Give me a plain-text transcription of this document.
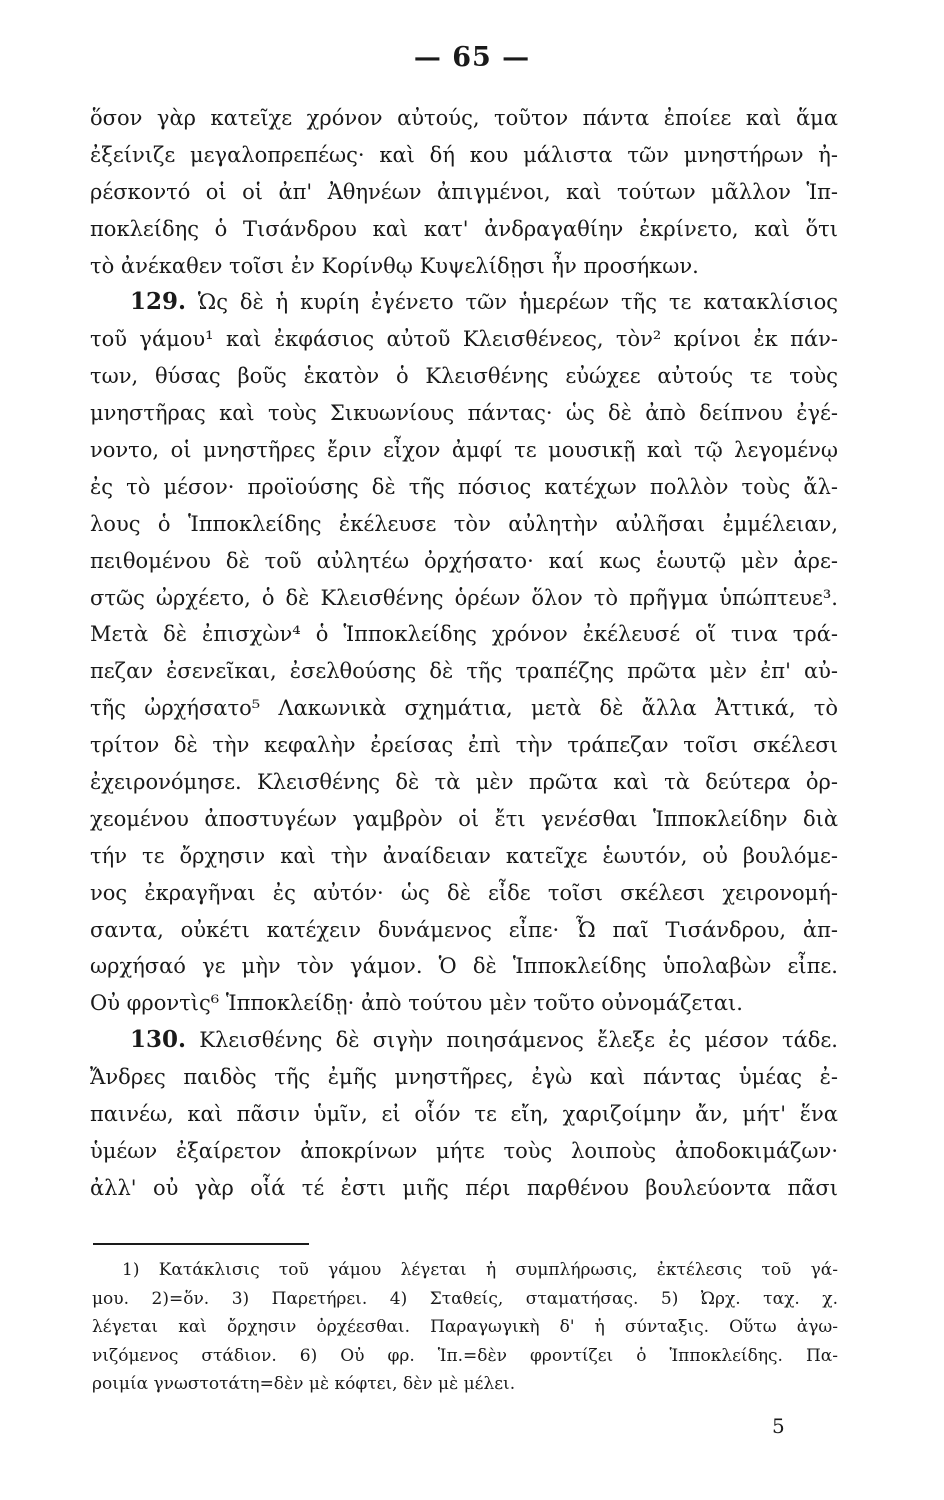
— 65 —
ὅσον γὰρ κατεῖχε χρόνον αὐτούς, τοῦτον πάντα ἐποίεε καὶ ἅμα
ἐξείνιζε μεγαλοπρεπέως· καὶ δή κου μάλιστα τῶν μνηστήρων ἠ-
ρέσκοντό οἱ οἱ ἀπ' Ἀθηνέων ἀπιγμένοι, καὶ τούτων μᾶλλον Ἱπ-
ποκλείδης ὁ Τισάνδρου καὶ κατ' ἀνδραγαθίην ἐκρίνετο, καὶ ὅτι
τὸ ἀνέκαθεν τοῖσι ἐν Κορίνθῳ Κυψελίδῃσι ἦν προσήκων.
129. Ὡς δὲ ἡ κυρίη ἐγένετο τῶν ἡμερέων τῆς τε κατακλίσιος
τοῦ γάμου¹ καὶ ἐκφάσιος αὐτοῦ Κλεισθένεος, τὸν² κρίνοι ἐκ πάν-
των, θύσας βοῦς ἑκατὸν ὁ Κλεισθένης εὐώχεε αὐτούς τε τοὺς
μνηστῆρας καὶ τοὺς Σικυωνίους πάντας· ὡς δὲ ἀπὸ δείπνου ἐγέ-
νοντο, οἱ μνηστῆρες ἔριν εἶχον ἀμφί τε μουσικῇ καὶ τῷ λεγομένῳ
ἐς τὸ μέσον· προϊούσης δὲ τῆς πόσιος κατέχων πολλὸν τοὺς ἄλ-
λους ὁ Ἱπποκλείδης ἐκέλευσε τὸν αὐλητὴν αὐλῆσαι ἐμμέλειαν,
πειθομένου δὲ τοῦ αὐλητέω ὀρχήσατο· καί κως ἑωυτῷ μὲν ἀρε-
στῶς ὠρχέετο, ὁ δὲ Κλεισθένης ὁρέων ὅλον τὸ πρῆγμα ὑπώπτευε³.
Μετὰ δὲ ἐπισχὼν⁴ ὁ Ἱπποκλείδης χρόνον ἐκέλευσέ οἵ τινα τρά-
πεζαν ἐσενεῖκαι, ἐσελθούσης δὲ τῆς τραπέζης πρῶτα μὲν ἐπ' αὐ-
τῆς ὠρχήσατο⁵ Λακωνικὰ σχημάτια, μετὰ δὲ ἄλλα Ἀττικά, τὸ
τρίτον δὲ τὴν κεφαλὴν ἐρείσας ἐπὶ τὴν τράπεζαν τοῖσι σκέλεσι
ἐχειρονόμησε. Κλεισθένης δὲ τὰ μὲν πρῶτα καὶ τὰ δεύτερα ὀρ-
χεομένου ἀποστυγέων γαμβρὸν οἱ ἔτι γενέσθαι Ἱπποκλείδην διὰ
τήν τε ὄρχησιν καὶ τὴν ἀναίδειαν κατεῖχε ἑωυτόν, οὐ βουλόμε-
νος ἐκραγῆναι ἐς αὐτόν· ὡς δὲ εἶδε τοῖσι σκέλεσι χειρονομή-
σαντα, οὐκέτι κατέχειν δυνάμενος εἶπε· Ὦ παῖ Τισάνδρου, ἀπ-
ωρχήσαό γε μὴν τὸν γάμον. Ὁ δὲ Ἱπποκλείδης ὑπολαβὼν εἶπε.
Οὐ φροντὶς⁶ Ἱπποκλείδῃ· ἀπὸ τούτου μὲν τοῦτο οὐνομάζεται.
130. Κλεισθένης δὲ σιγὴν ποιησάμενος ἔλεξε ἐς μέσον τάδε.
Ἄνδρες παιδὸς τῆς ἐμῆς μνηστῆρες, ἐγὼ καὶ πάντας ὑμέας ἐ-
παινέω, καὶ πᾶσιν ὑμῖν, εἰ οἷόν τε εἴη, χαριζοίμην ἄν, μήτ' ἕνα
ὑμέων ἐξαίρετον ἀποκρίνων μήτε τοὺς λοιποὺς ἀποδοκιμάζων·
ἀλλ' οὐ γὰρ οἷά τέ ἐστι μιῆς πέρι παρθένου βουλεύοντα πᾶσι
1) Κατάκλισις τοῦ γάμου λέγεται ἡ συμπλήρωσις, ἐκτέλεσις τοῦ γά-
μου. 2)=ὅν. 3) Παρετήρει. 4) Σταθείς, σταματήσας. 5) Ὠρχ. ταχ. χ.
λέγεται καὶ ὄρχησιν ὀρχέεσθαι. Παραγωγικὴ δ' ἡ σύνταξις. Οὕτω ἀγω-
νιζόμενος στάδιον. 6) Οὐ φρ. Ἱπ.=δὲν φροντίζει ὁ Ἱπποκλείδης. Πα-
ροιμία γνωστοτάτη=δὲν μὲ κόφτει, δὲν μὲ μέλει.
5
